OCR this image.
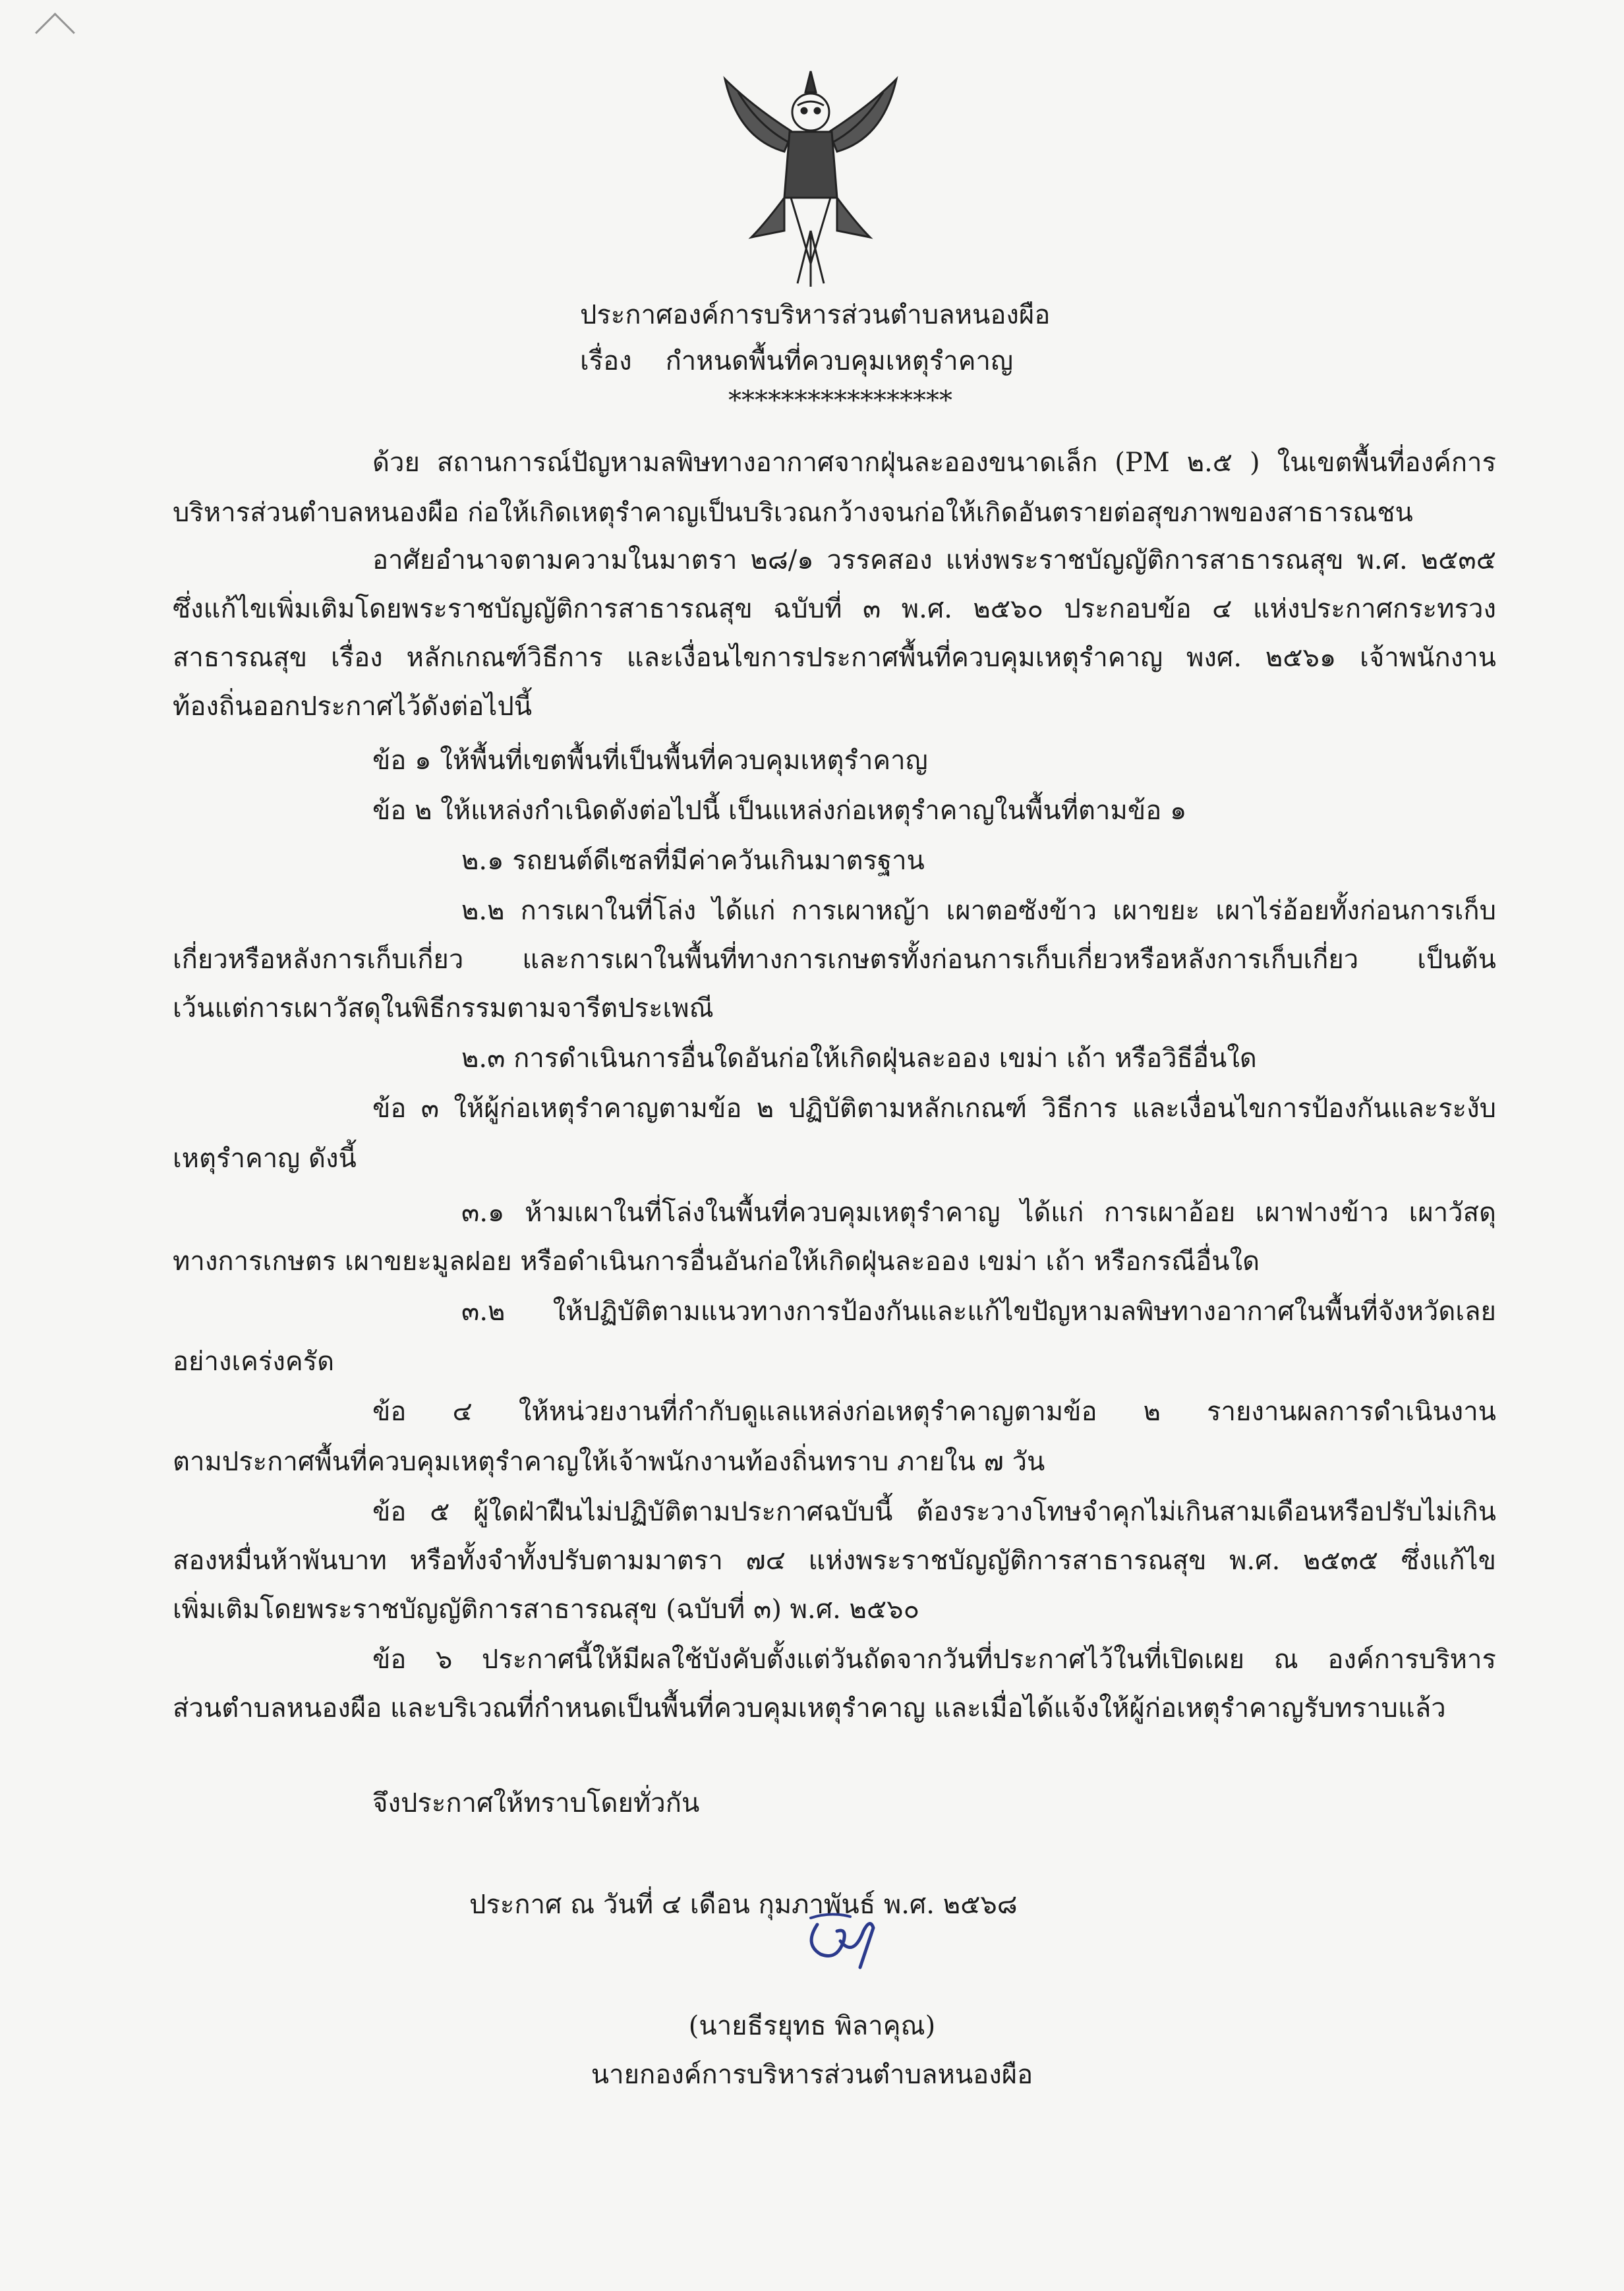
ประกาศองค์การบริหารส่วนตำบลหนองผือ
เรื่อง กำหนดพื้นที่ควบคุมเหตุรำคาญ
*****************
ด้วย สถานการณ์ปัญหามลพิษทางอากาศจากฝุ่นละอองขนาดเล็ก (PM ๒.๕ ) ในเขตพื้นที่องค์การ
บริหารส่วนตำบลหนองผือ ก่อให้เกิดเหตุรำคาญเป็นบริเวณกว้างจนก่อให้เกิดอันตรายต่อสุขภาพของสาธารณชน
อาศัยอำนาจตามความในมาตรา ๒๘/๑ วรรคสอง แห่งพระราชบัญญัติการสาธารณสุข พ.ศ. ๒๕๓๕
ซึ่งแก้ไขเพิ่มเติมโดยพระราชบัญญัติการสาธารณสุข ฉบับที่ ๓ พ.ศ. ๒๕๖๐ ประกอบข้อ ๔ แห่งประกาศกระทรวง
สาธารณสุข เรื่อง หลักเกณฑ์วิธีการ และเงื่อนไขการประกาศพื้นที่ควบคุมเหตุรำคาญ พงศ. ๒๕๖๑ เจ้าพนักงาน
ท้องถิ่นออกประกาศไว้ดังต่อไปนี้
ข้อ ๑ ให้พื้นที่เขตพื้นที่เป็นพื้นที่ควบคุมเหตุรำคาญ
ข้อ ๒ ให้แหล่งกำเนิดดังต่อไปนี้ เป็นแหล่งก่อเหตุรำคาญในพื้นที่ตามข้อ ๑
๒.๑ รถยนต์ดีเซลที่มีค่าควันเกินมาตรฐาน
๒.๒ การเผาในที่โล่ง ได้แก่ การเผาหญ้า เผาตอซังข้าว เผาขยะ เผาไร่อ้อยทั้งก่อนการเก็บ
เกี่ยวหรือหลังการเก็บเกี่ยว และการเผาในพื้นที่ทางการเกษตรทั้งก่อนการเก็บเกี่ยวหรือหลังการเก็บเกี่ยว เป็นต้น
เว้นแต่การเผาวัสดุในพิธีกรรมตามจารีตประเพณี
๒.๓ การดำเนินการอื่นใดอันก่อให้เกิดฝุ่นละออง เขม่า เถ้า หรือวิธีอื่นใด
ข้อ ๓ ให้ผู้ก่อเหตุรำคาญตามข้อ ๒ ปฏิบัติตามหลักเกณฑ์ วิธีการ และเงื่อนไขการป้องกันและระงับ
เหตุรำคาญ ดังนี้
๓.๑ ห้ามเผาในที่โล่งในพื้นที่ควบคุมเหตุรำคาญ ได้แก่ การเผาอ้อย เผาฟางข้าว เผาวัสดุ
ทางการเกษตร เผาขยะมูลฝอย หรือดำเนินการอื่นอันก่อให้เกิดฝุ่นละออง เขม่า เถ้า หรือกรณีอื่นใด
๓.๒ ให้ปฏิบัติตามแนวทางการป้องกันและแก้ไขปัญหามลพิษทางอากาศในพื้นที่จังหวัดเลย
อย่างเคร่งครัด
ข้อ ๔ ให้หน่วยงานที่กำกับดูแลแหล่งก่อเหตุรำคาญตามข้อ ๒ รายงานผลการดำเนินงาน
ตามประกาศพื้นที่ควบคุมเหตุรำคาญให้เจ้าพนักงานท้องถิ่นทราบ ภายใน ๗ วัน
ข้อ ๕ ผู้ใดฝ่าฝืนไม่ปฏิบัติตามประกาศฉบับนี้ ต้องระวางโทษจำคุกไม่เกินสามเดือนหรือปรับไม่เกิน
สองหมื่นห้าพันบาท หรือทั้งจำทั้งปรับตามมาตรา ๗๔ แห่งพระราชบัญญัติการสาธารณสุข พ.ศ. ๒๕๓๕ ซึ่งแก้ไข
เพิ่มเติมโดยพระราชบัญญัติการสาธารณสุข (ฉบับที่ ๓) พ.ศ. ๒๕๖๐
ข้อ ๖ ประกาศนี้ให้มีผลใช้บังคับตั้งแต่วันถัดจากวันที่ประกาศไว้ในที่เปิดเผย ณ องค์การบริหาร
ส่วนตำบลหนองผือ และบริเวณที่กำหนดเป็นพื้นที่ควบคุมเหตุรำคาญ และเมื่อได้แจ้งให้ผู้ก่อเหตุรำคาญรับทราบแล้ว
จึงประกาศให้ทราบโดยทั่วกัน
ประกาศ ณ วันที่ ๔ เดือน กุมภาพันธ์ พ.ศ. ๒๕๖๘
(นายธีรยุทธ พิลาคุณ)
นายกองค์การบริหารส่วนตำบลหนองผือ
